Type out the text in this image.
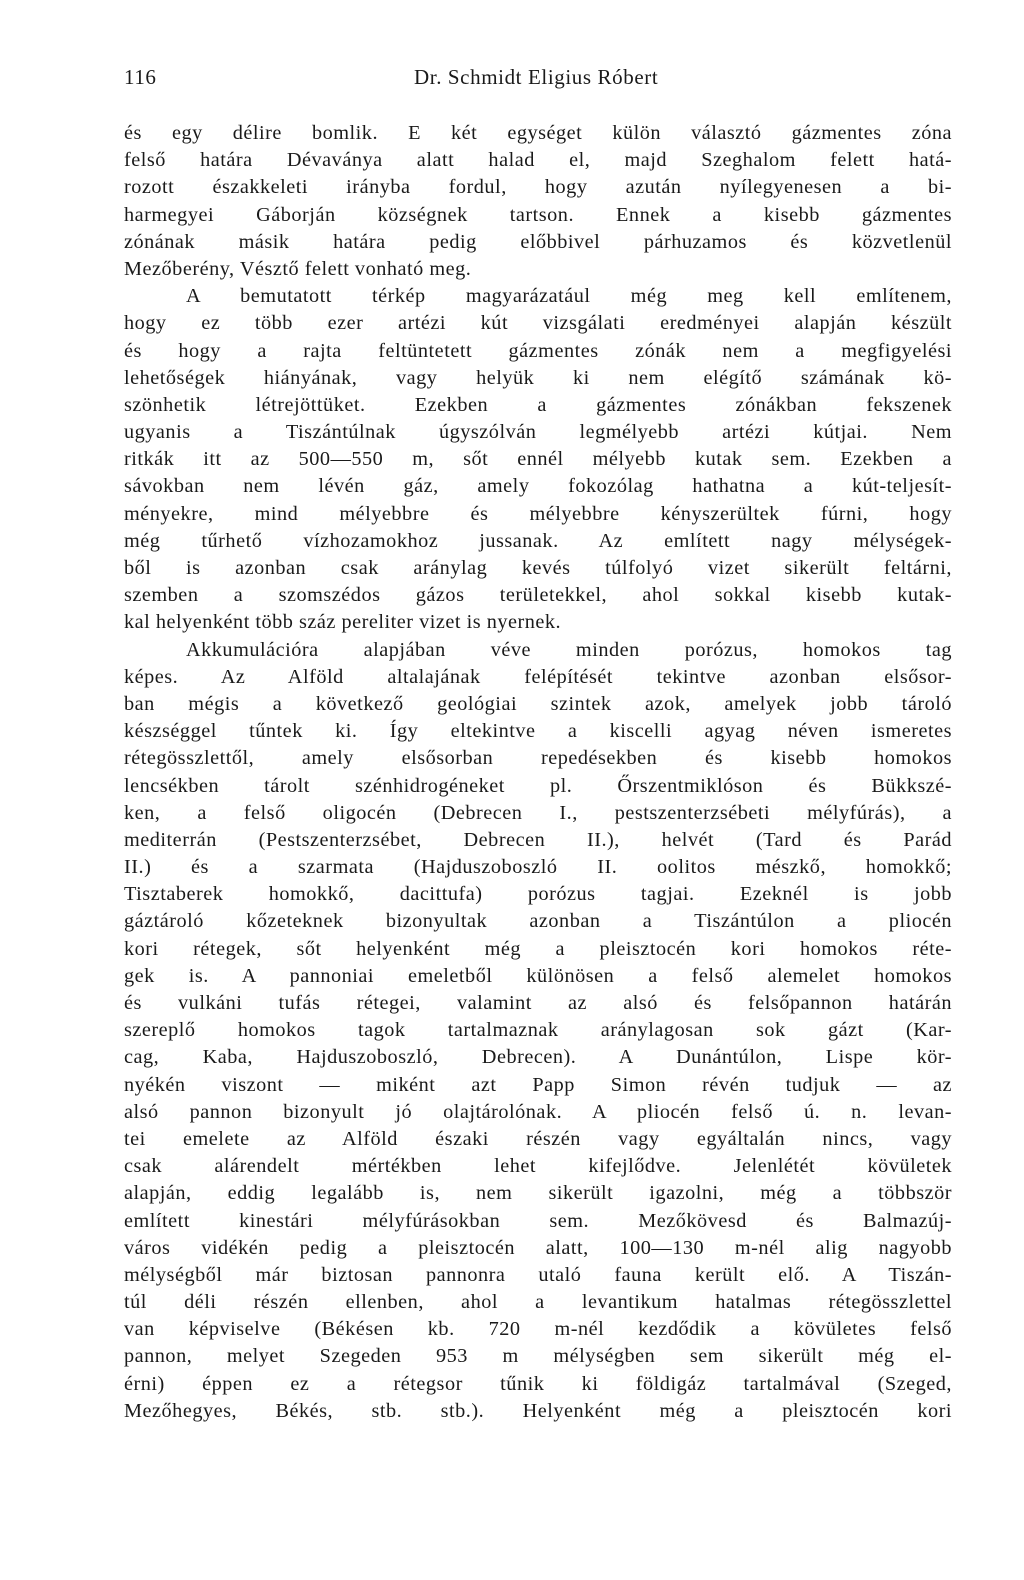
116	Dr. Schmidt Eligius Róbert
és egy délire bomlik. E két egységet külön választó gázmentes zóna
felső határa Dévaványa alatt halad el, majd Szeghalom felett hatá-
rozott északkeleti irányba fordul, hogy azután nyílegyenesen a bi-
harmegyei Gáborján községnek tartson. Ennek a kisebb gázmentes
zónának másik határa pedig előbbivel párhuzamos és közvetlenül
Mezőberény, Vésztő felett vonható meg.
A bemutatott térkép magyarázatául még meg kell említenem,
hogy ez több ezer artézi kút vizsgálati eredményei alapján készült
és hogy a rajta feltüntetett gázmentes zónák nem a megfigyelési
lehetőségek hiányának, vagy helyük ki nem elégítő számának kö-
szönhetik létrejöttüket. Ezekben a gázmentes zónákban fekszenek
ugyanis a Tiszántúlnak úgyszólván legmélyebb artézi kútjai. Nem
ritkák itt az 500—550 m, sőt ennél mélyebb kutak sem. Ezekben a
sávokban nem lévén gáz, amely fokozólag hathatna a kút-teljesít-
ményekre, mind mélyebbre és mélyebbre kényszerültek fúrni, hogy
még tűrhető vízhozamokhoz jussanak. Az említett nagy mélységek-
ből is azonban csak aránylag kevés túlfolyó vizet sikerült feltárni,
szemben a szomszédos gázos területekkel, ahol sokkal kisebb kutak-
kal helyenként több száz pereliter vizet is nyernek.
Akkumulációra alapjában véve minden porózus, homokos tag
képes. Az Alföld altalajának felépítését tekintve azonban elsősor-
ban mégis a következő geológiai szintek azok, amelyek jobb tároló
készséggel tűntek ki. Így eltekintve a kiscelli agyag néven ismeretes
rétegösszlettől, amely elsősorban repedésekben és kisebb homokos
lencsékben tárolt szénhidrogéneket pl. Őrszentmiklóson és Bükkszé-
ken, a felső oligocén (Debrecen I., pestszenterzsébeti mélyfúrás), a
mediterrán (Pestszenterzsébet, Debrecen II.), helvét (Tard és Parád
II.) és a szarmata (Hajduszoboszló II. oolitos mészkő, homokkő;
Tisztaberek homokkő, dacittufa) porózus tagjai. Ezeknél is jobb
gáztároló kőzeteknek bizonyultak azonban a Tiszántúlon a pliocén
kori rétegek, sőt helyenként még a pleisztocén kori homokos réte-
gek is. A pannoniai emeletből különösen a felső alemelet homokos
és vulkáni tufás rétegei, valamint az alsó és felsőpannon határán
szereplő homokos tagok tartalmaznak aránylagosan sok gázt (Kar-
cag, Kaba, Hajduszoboszló, Debrecen). A Dunántúlon, Lispe kör-
nyékén viszont — miként azt Papp Simon révén tudjuk — az
alsó pannon bizonyult jó olajtárolónak. A pliocén felső ú. n. levan-
tei emelete az Alföld északi részén vagy egyáltalán nincs, vagy
csak alárendelt mértékben lehet kifejlődve. Jelenlétét kövületek
alapján, eddig legalább is, nem sikerült igazolni, még a többször
említett kinestári mélyfúrásokban sem. Mezőkövesd és Balmazúj-
város vidékén pedig a pleisztocén alatt, 100—130 m-nél alig nagyobb
mélységből már biztosan pannonra utaló fauna került elő. A Tiszán-
túl déli részén ellenben, ahol a levantikum hatalmas rétegösszlettel
van képviselve (Békésen kb. 720 m-nél kezdődik a kövületes felső
pannon, melyet Szegeden 953 m mélységben sem sikerült még el-
érni) éppen ez a rétegsor tűnik ki földigáz tartalmával (Szeged,
Mezőhegyes, Békés, stb. stb.). Helyenként még a pleisztocén kori
